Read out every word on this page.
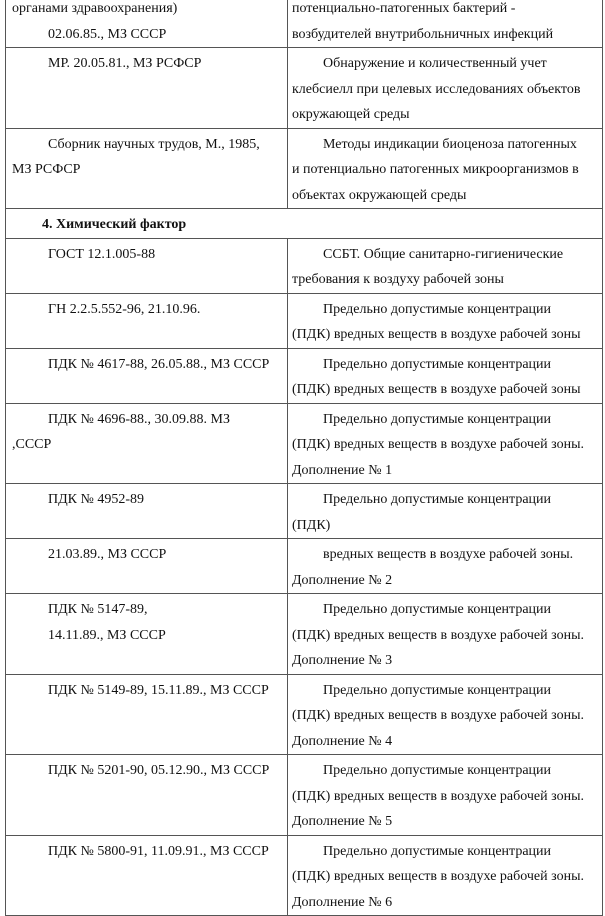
органами здравоохранения)
02.06.85., МЗ СССР	потенциально-патогенных бактерий -
возбудителей внутрибольничных инфекций

МР. 20.05.81., МЗ РСФСР	Обнаружение и количественный учет
клебсиелл при целевых исследованиях объектов
окружающей среды

Сборник научных трудов, М., 1985,
МЗ РСФСР	Методы индикации биоценоза патогенных
и потенциально патогенных микроорганизмов в
объектах окружающей среды

4. Химический фактор	

ГОСТ 12.1.005-88	ССБТ. Общие санитарно-гигиенические
требования к воздуху рабочей зоны

ГН 2.2.5.552-96, 21.10.96.	Предельно допустимые концентрации
(ПДК) вредных веществ в воздухе рабочей зоны

ПДК № 4617-88, 26.05.88., МЗ СССР	Предельно допустимые концентрации
(ПДК) вредных веществ в воздухе рабочей зоны

ПДК № 4696-88., 30.09.88. МЗ
,СССР	Предельно допустимые концентрации
(ПДК) вредных веществ в воздухе рабочей зоны.
Дополнение № 1

ПДК № 4952-89	Предельно допустимые концентрации
(ПДК)

21.03.89., МЗ СССР	вредных веществ в воздухе рабочей зоны.
Дополнение № 2

ПДК № 5147-89,
14.11.89., МЗ СССР	Предельно допустимые концентрации
(ПДК) вредных веществ в воздухе рабочей зоны.
Дополнение № 3

ПДК № 5149-89, 15.11.89., МЗ СССР	Предельно допустимые концентрации
(ПДК) вредных веществ в воздухе рабочей зоны.
Дополнение № 4

ПДК № 5201-90, 05.12.90., МЗ СССР	Предельно допустимые концентрации
(ПДК) вредных веществ в воздухе рабочей зоны.
Дополнение № 5

ПДК № 5800-91, 11.09.91., МЗ СССР	Предельно допустимые концентрации
(ПДК) вредных веществ в воздухе рабочей зоны.
Дополнение № 6
